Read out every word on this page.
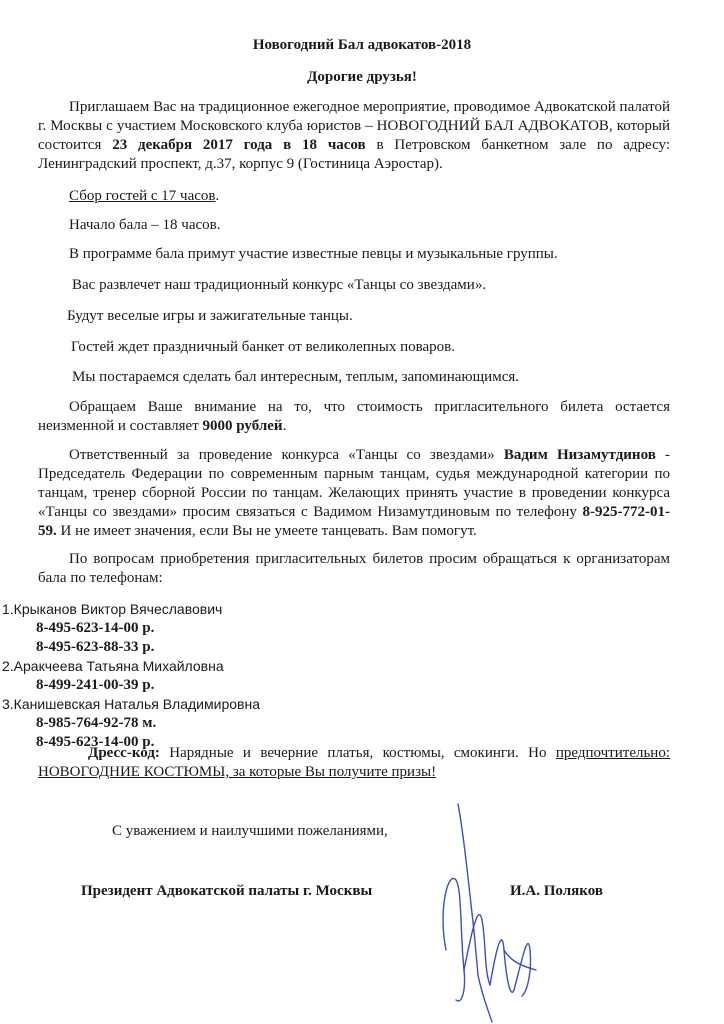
Новогодний Бал адвокатов-2018
Дорогие друзья!
Приглашаем Вас на традиционное ежегодное мероприятие, проводимое Адвокатской палатой г. Москвы с участием Московского клуба юристов – НОВОГОДНИЙ БАЛ АДВОКАТОВ, который состоится 23 декабря 2017 года в 18 часов в Петровском банкетном зале по адресу: Ленинградский проспект, д.37, корпус 9 (Гостиница Аэростар).
Сбор гостей с 17 часов.
Начало бала – 18 часов.
В программе бала примут участие известные певцы и музыкальные группы.
Вас развлечет наш традиционный конкурс «Танцы со звездами».
Будут веселые игры и зажигательные танцы.
Гостей ждет праздничный банкет от великолепных поваров.
Мы постараемся сделать бал интересным, теплым, запоминающимся.
Обращаем Ваше внимание на то, что стоимость пригласительного билета остается неизменной и составляет 9000 рублей.
Ответственный за проведение конкурса «Танцы со звездами» Вадим Низамутдинов - Председатель Федерации по современным парным танцам, судья международной категории по танцам, тренер сборной России по танцам. Желающих принять участие в проведении конкурса «Танцы со звездами» просим связаться с Вадимом Низамутдиновым по телефону 8-925-772-01-59. И не имеет значения, если Вы не умеете танцевать. Вам помогут.
По вопросам приобретения пригласительных билетов просим обращаться к организаторам бала по телефонам:
1.Крыканов Виктор Вячеславович
8-495-623-14-00 р.
8-495-623-88-33 р.
2.Аракчеева Татьяна Михайловна
8-499-241-00-39 р.
3.Канишевская Наталья Владимировна
8-985-764-92-78 м.
8-495-623-14-00 р.
Дресс-код: Нарядные и вечерние платья, костюмы, смокинги. Но предпочтительно: НОВОГОДНИЕ КОСТЮМЫ, за которые Вы получите призы!
С уважением и наилучшими пожеланиями,
Президент Адвокатской палаты г. Москвы	И.А. Поляков
